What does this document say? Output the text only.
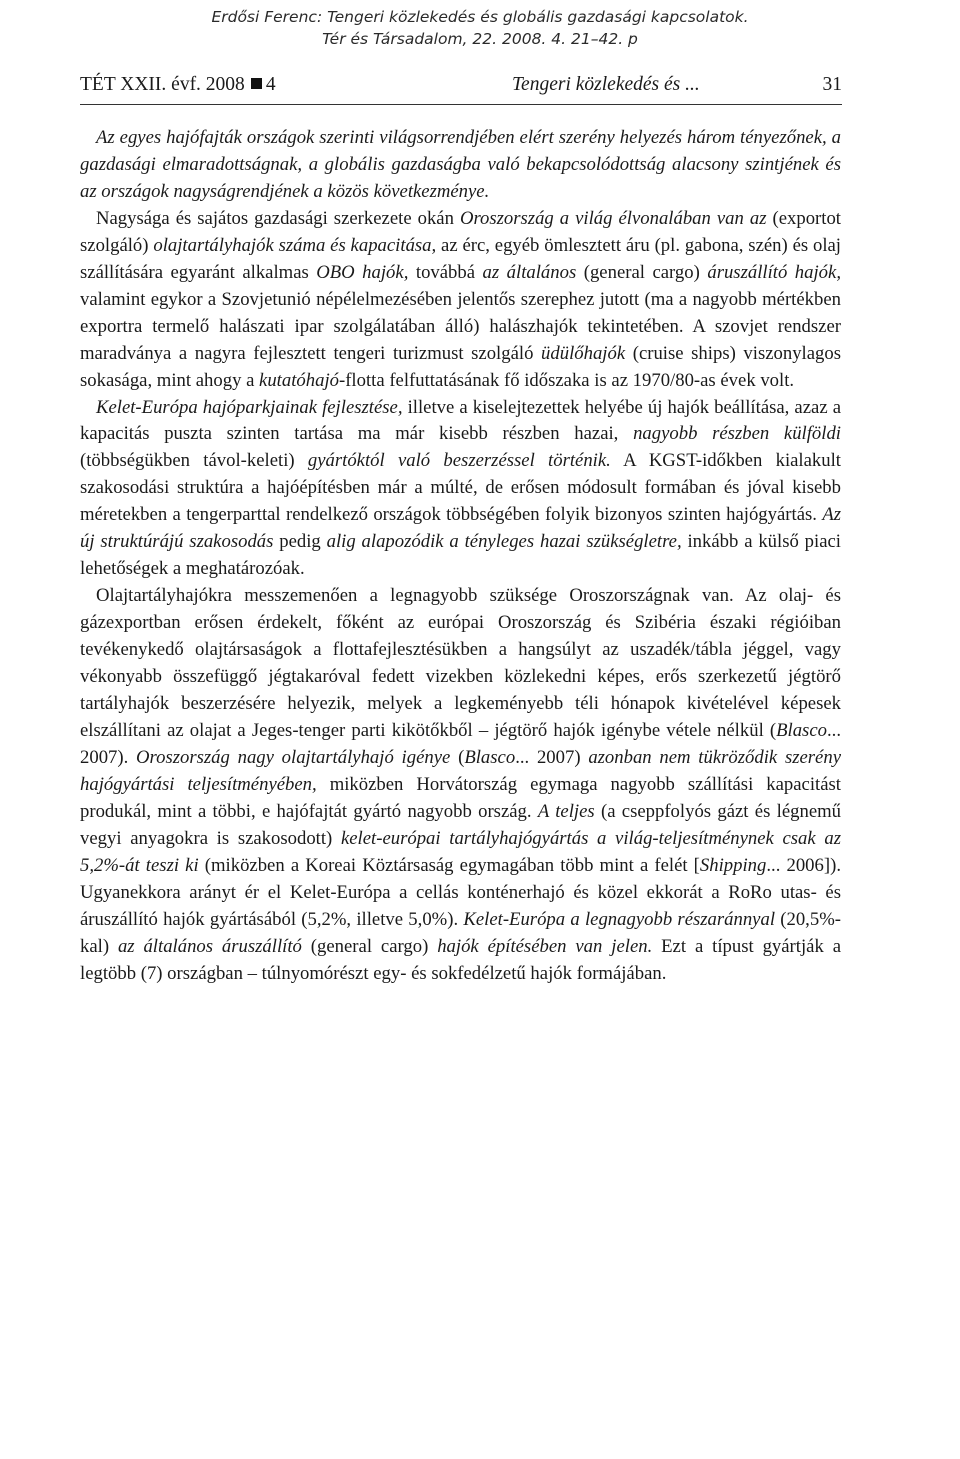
Erdősi Ferenc: Tengeri közlekedés és globális gazdasági kapcsolatok.
Tér és Társadalom, 22. 2008. 4. 21–42. p
TÉT XXII. évf. 2008 4	Tengeri közlekedés és ...	31

Az egyes hajófajták országok szerinti világsorrendjében elért szerény helyezés három tényezőnek, a gazdasági elmaradottságnak, a globális gazdaságba való bekapcsolódottság alacsony szintjének és az országok nagyságrendjének a közös következménye.

Nagysága és sajátos gazdasági szerkezete okán Oroszország a világ élvonalában van az (exportot szolgáló) olajtartályhajók száma és kapacitása, az érc, egyéb ömlesztett áru (pl. gabona, szén) és olaj szállítására egyaránt alkalmas OBO hajók, továbbá az általános (general cargo) áruszállító hajók, valamint egykor a Szovjetunió népélelmezésében jelentős szerephez jutott (ma a nagyobb mértékben exportra termelő halászati ipar szolgálatában álló) halászhajók tekintetében. A szovjet rendszer maradványa a nagyra fejlesztett tengeri turizmust szolgáló üdülőhajók (cruise ships) viszonylagos sokasága, mint ahogy a kutatóhajó-flotta felfuttatásának fő időszaka is az 1970/80-as évek volt.

Kelet-Európa hajóparkjainak fejlesztése, illetve a kiselejtezettek helyébe új hajók beállítása, azaz a kapacitás puszta szinten tartása ma már kisebb részben hazai, nagyobb részben külföldi (többségükben távol-keleti) gyártóktól való beszerzéssel történik. A KGST-időkben kialakult szakosodási struktúra a hajóépítésben már a múlté, de erősen módosult formában és jóval kisebb méretekben a tengerparttal rendelkező országok többségében folyik bizonyos szinten hajógyártás. Az új struktúrájú szakosodás pedig alig alapozódik a tényleges hazai szükségletre, inkább a külső piaci lehetőségek a meghatározóak.

Olajtartályhajókra messzemenően a legnagyobb szüksége Oroszországnak van. Az olaj- és gázexportban erősen érdekelt, főként az európai Oroszország és Szibéria északi régióiban tevékenykedő olajtársaságok a flottafejlesztésükben a hangsúlyt az uszadék/tábla jéggel, vagy vékonyabb összefüggő jégtakaróval fedett vizekben közlekedni képes, erős szerkezetű jégtörő tartályhajók beszerzésére helyezik, melyek a legkeményebb téli hónapok kivételével képesek elszállítani az olajat a Jeges-tenger parti kikötőkből – jégtörő hajók igénybe vétele nélkül (Blasco... 2007). Oroszország nagy olajtartályhajó igénye (Blasco... 2007) azonban nem tükröződik szerény hajógyártási teljesítményében, miközben Horvátország egymaga nagyobb szállítási kapacitást produkál, mint a többi, e hajófajtát gyártó nagyobb ország. A teljes (a cseppfolyós gázt és légnemű vegyi anyagokra is szakosodott) kelet-európai tartályhajógyártás a világ-teljesítménynek csak az 5,2%-át teszi ki (miközben a Koreai Köztársaság egymagában több mint a felét [Shipping... 2006]). Ugyanekkora arányt ér el Kelet-Európa a cellás konténerhajó és közel ekkorát a RoRo utas- és áruszállító hajók gyártásából (5,2%, illetve 5,0%). Kelet-Európa a legnagyobb részaránnyal (20,5%-kal) az általános áruszállító (general cargo) hajók építésében van jelen. Ezt a típust gyártják a legtöbb (7) országban – túlnyomórészt egy- és sokfedélzetű hajók formájában.
